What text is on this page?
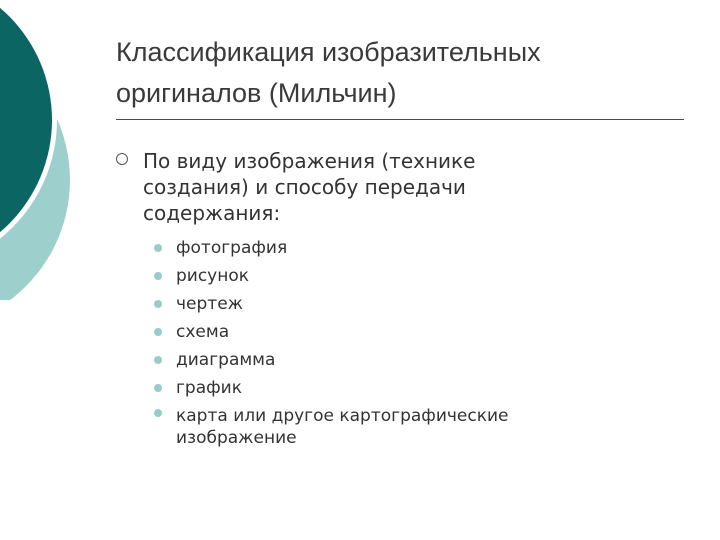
Классификация изобразительных
оригиналов (Мильчин)
По виду изображения (технике
создания) и способу передачи
содержания:
фотография
рисунок
чертеж
схема
диаграмма
график
карта или другое картографические
изображение
